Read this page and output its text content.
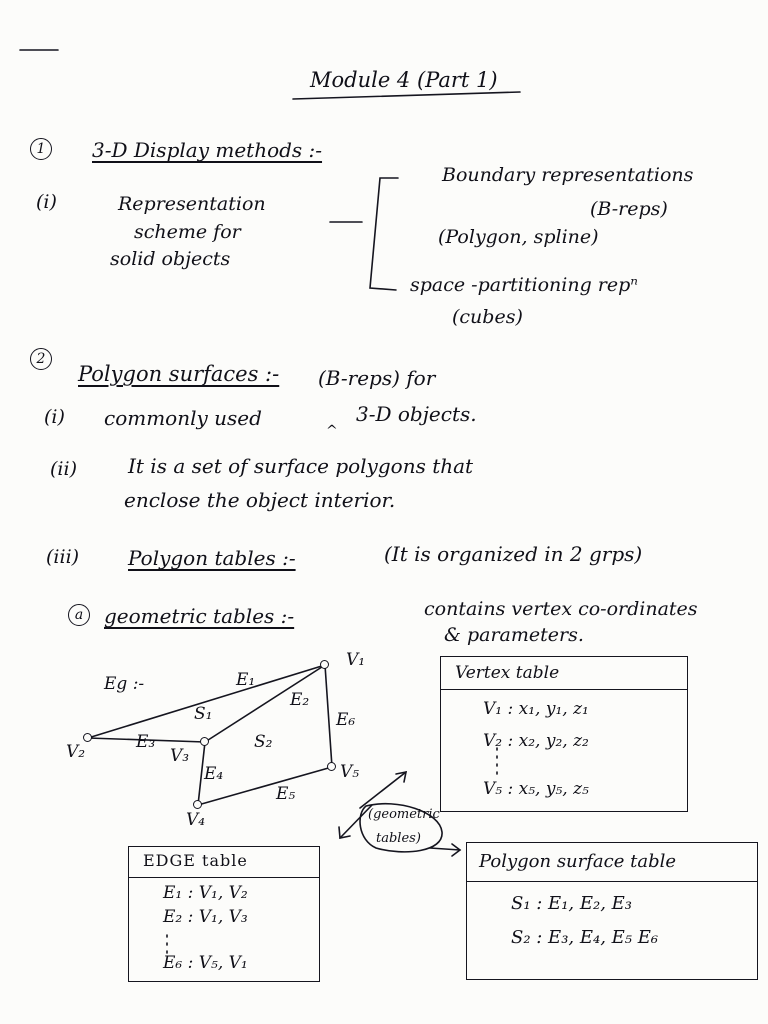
Module 4 (Part 1)
1	3-D Display methods :-
(i)	Representation
scheme for
solid objects
Boundary representations
(B-reps)
(Polygon, spline)
space -partitioning repⁿ
(cubes)
2
Polygon surfaces :- (B-reps) for
(i) commonly used
^
3-D objects.
(ii)	It is a set of surface polygons that
enclose the object interior.
(iii) Polygon tables :-	(It is organized in 2 grps)
a	geometric tables :-	contains vertex co-ordinates
& parameters.
Eg :-
V₁
V₂	V₃
V₄
V₅
E₁
E₂
E₃
E₄
E₅
E₆
S₁
S₂
(geometric
tables)
Vertex table
V₁ : x₁, y₁, z₁
V₂ : x₂, y₂, z₂
V₅ : x₅, y₅, z₅
EDGE table
E₁ : V₁, V₂
E₂ : V₁, V₃
E₆ : V₅, V₁
Polygon surface table
S₁ : E₁, E₂, E₃
S₂ : E₃, E₄, E₅ E₆
